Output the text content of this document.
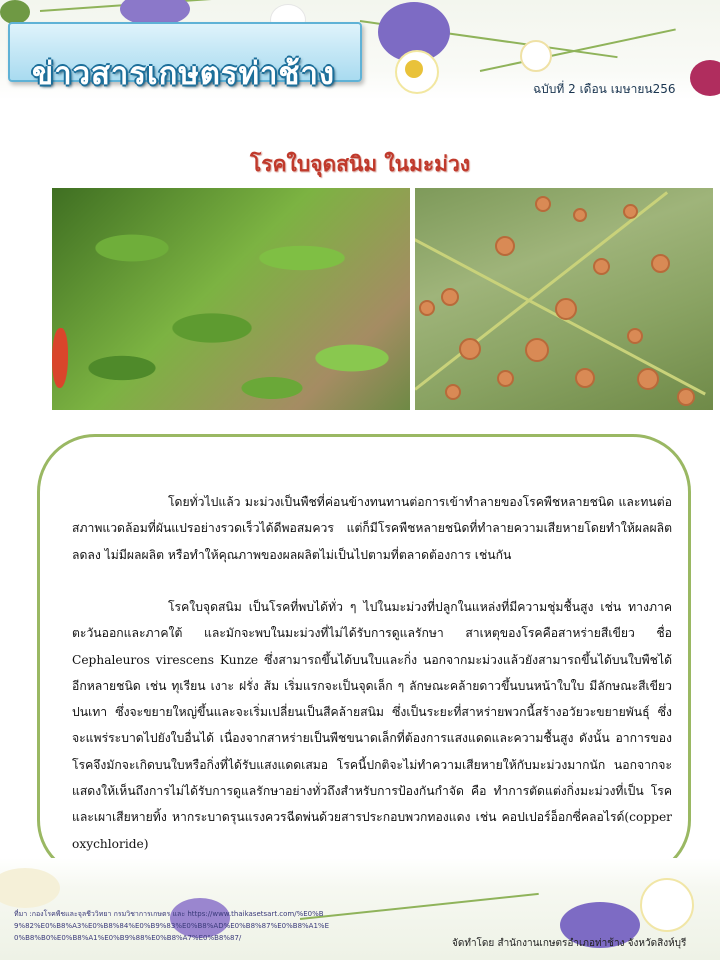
ข่าวสารเกษตรท่าช้าง	ฉบับที่ 2 เดือน เมษายน256
โรคใบจุดสนิม ในมะม่วง

โดยทั่วไปแล้ว มะม่วงเป็นพืชที่ค่อนข้างทนทานต่อการเข้าทำลายของโรคพืชหลายชนิด และทนต่อสภาพแวดล้อมที่ผันแปรอย่างรวดเร็วได้ดีพอสมควร แต่ก็มีโรคพืชหลายชนิดที่ทำลายความเสียหายโดยทำให้ผลผลิตลดลง ไม่มีผลผลิต หรือทำให้คุณภาพของผลผลิตไม่เป็นไปตามที่ตลาดต้องการ เช่นกัน

โรคใบจุดสนิม เป็นโรคที่พบได้ทั่ว ๆ ไปในมะม่วงที่ปลูกในแหล่งที่มีความชุ่มชื้นสูง เช่น ทางภาคตะวันออกและภาคใต้ และมักจะพบในมะม่วงที่ไม่ได้รับการดูแลรักษา สาเหตุของโรคคือสาหร่ายสีเขียว ชื่อ Cephaleuros virescens Kunze ซึ่งสามารถขึ้นได้บนใบและกิ่ง นอกจากมะม่วงแล้วยังสามารถขึ้นได้บนใบพืชได้อีกหลายชนิด เช่น ทุเรียน เงาะ ฝรั่ง ส้ม เริ่มแรกจะเป็นจุดเล็ก ๆ ลักษณะคล้ายดาวขึ้นบนหน้าใบใบ มีลักษณะสีเขียวปนเทา ซึ่งจะขยายใหญ่ขึ้นและจะเริ่มเปลี่ยนเป็นสีคล้ายสนิม ซึ่งเป็นระยะที่สาหร่ายพวกนี้สร้างอวัยวะขยายพันธุ์ ซึ่งจะแพร่ระบาดไปยังใบอื่นได้ เนื่องจากสาหร่ายเป็นพืชขนาดเล็กที่ต้องการแสงแดดและความชื้นสูง ดังนั้น อาการของโรคจึงมักจะเกิดบนใบหรือกิ่งที่ได้รับแสงแดดเสมอ โรคนี้ปกติจะไม่ทำความเสียหายให้กับมะม่วงมากนัก นอกจากจะแสดงให้เห็นถึงการไม่ได้รับการดูแลรักษาอย่างทั่วถึงสำหรับการป้องกันกำจัด คือ ทำการตัดแต่งกิ่งมะม่วงที่เป็น โรคและเผาเสียหายทิ้ง หากระบาดรุนแรงควรฉีดพ่นด้วยสารประกอบพวกทองแดง เช่น คอปเปอร์อ็อกซี่คลอไรด์(copper oxychloride)

ที่มา :กองโรคพืชและจุลชีววิทยา กรมวิชาการเกษตร และ https://www.thaikasetsart.com/%E0%B9%82%E0%B8%A3%E0%B8%84%E0%B9%83%E0%B8%AD%E0%B8%87%E0%B8%A1%E0%B8%B0%E0%B8%A1%E0%B9%88%E0%B8%A7%E0%B8%87/	จัดทำโดย สำนักงานเกษตรอำเภอท่าช้าง จังหวัดสิงห์บุรี
